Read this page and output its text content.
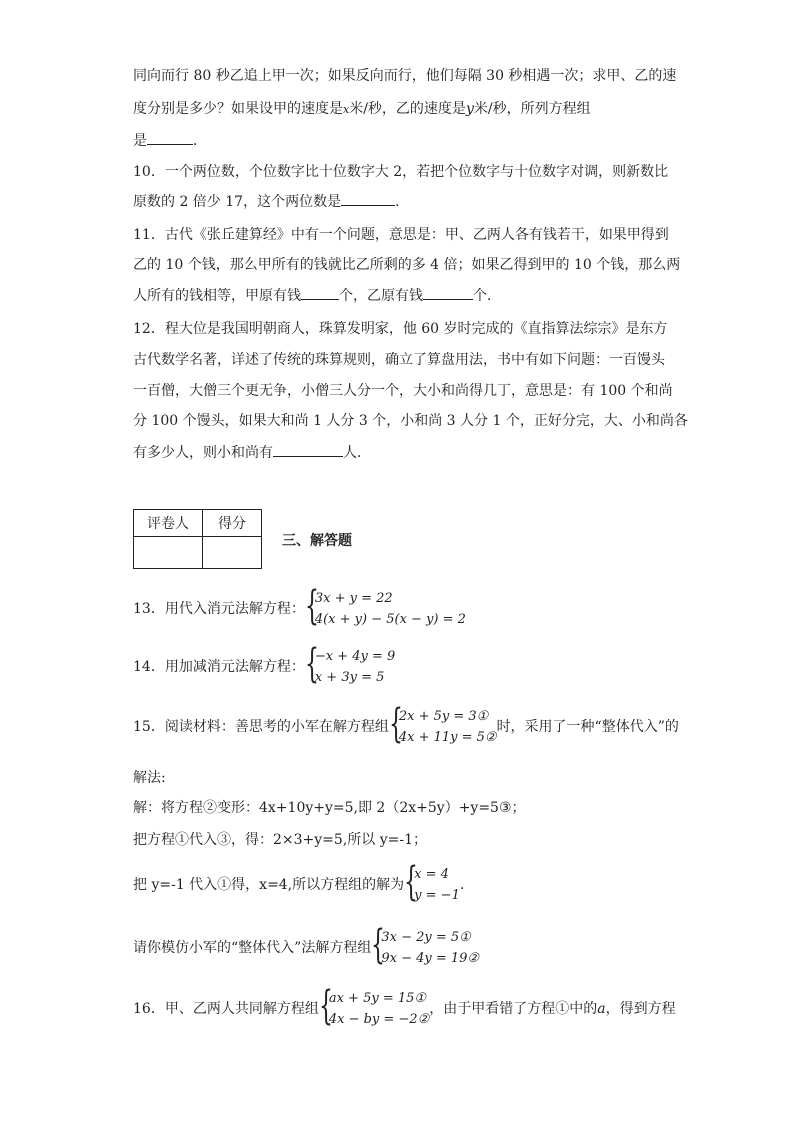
同向而行 80 秒乙追上甲一次；如果反向而行，他们每隔 30 秒相遇一次；求甲、乙的速
度分别是多少？如果设甲的速度是x米/秒，乙的速度是y米/秒，所列方程组
是	．
10．一个两位数，个位数字比十位数字大 2，若把个位数字与十位数字对调，则新数比
原数的 2 倍少 17，这个两位数是	.
11．古代《张丘建算经》中有一个问题，意思是：甲、乙两人各有钱若干，如果甲得到
乙的 10 个钱，那么甲所有的钱就比乙所剩的多 4 倍；如果乙得到甲的 10 个钱，那么两
人所有的钱相等，甲原有钱	个，乙原有钱	个．
12．程大位是我国明朝商人，珠算发明家，他 60 岁时完成的《直指算法综宗》是东方
古代数学名著，详述了传统的珠算规则，确立了算盘用法，书中有如下问题：一百馒头
一百僧，大僧三个更无争，小僧三人分一个，大小和尚得几丁，意思是：有 100 个和尚
分 100 个馒头，如果大和尚 1 人分 3 个，小和尚 3 人分 1 个，正好分完，大、小和尚各
有多少人，则小和尚有	人．
评卷人	得分

三、解答题
13．用代入消元法解方程： {
3x + y = 22
4(x + y) − 5(x − y) = 2
14．用加减消元法解方程： {
−x + 4y = 9
x + 3y = 5
15．阅读材料：善思考的小军在解方程组 {
2x + 5y = 3①
4x + 11y = 5②
时，采用了一种“整体代入”的
解法:
解：将方程②变形：4x+10y+y=5,即 2（2x+5y）+y=5③；
把方程①代入③，得：2×3+y=5,所以 y=-1；
把 y=-1 代入①得，x=4,所以方程组的解为 {
x = 4
y = −1
.
请你模仿小军的“整体代入”法解方程组 {
3x − 2y = 5①
9x − 4y = 19②
16．甲、乙两人共同解方程组 {
ax + 5y = 15①
4x − by = −2②
，由于甲看错了方程①中的a，得到方程
